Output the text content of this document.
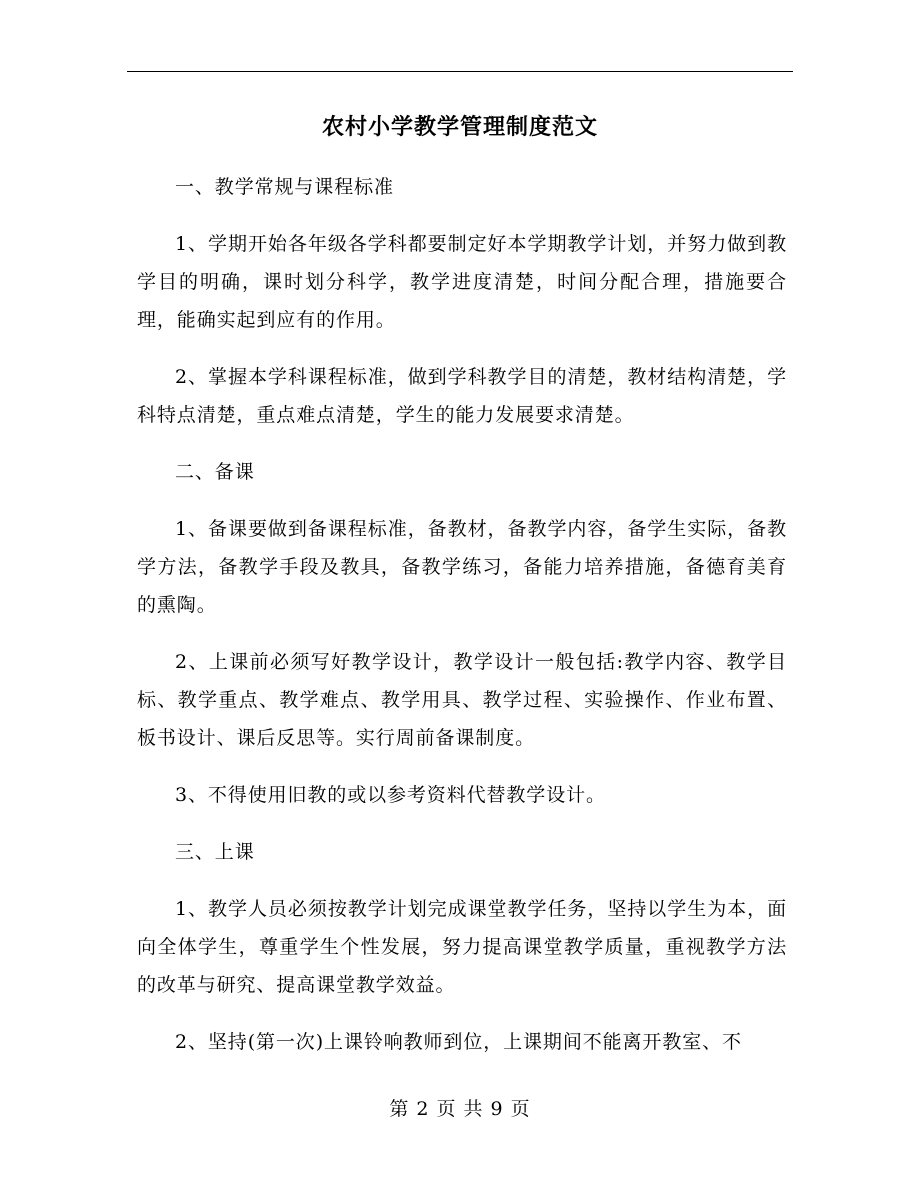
农村小学教学管理制度范文

一、教学常规与课程标准

1、学期开始各年级各学科都要制定好本学期教学计划，并努力做到教学目的明确，课时划分科学，教学进度清楚，时间分配合理，措施要合理，能确实起到应有的作用。

2、掌握本学科课程标准，做到学科教学目的清楚，教材结构清楚，学科特点清楚，重点难点清楚，学生的能力发展要求清楚。

二、备课

1、备课要做到备课程标准，备教材，备教学内容，备学生实际，备教学方法，备教学手段及教具，备教学练习，备能力培养措施，备德育美育的熏陶。

2、上课前必须写好教学设计，教学设计一般包括:教学内容、教学目标、教学重点、教学难点、教学用具、教学过程、实验操作、作业布置、板书设计、课后反思等。实行周前备课制度。

3、不得使用旧教的或以参考资料代替教学设计。

三、上课

1、教学人员必须按教学计划完成课堂教学任务，坚持以学生为本，面向全体学生，尊重学生个性发展，努力提高课堂教学质量，重视教学方法的改革与研究、提高课堂教学效益。

2、坚持(第一次)上课铃响教师到位，上课期间不能离开教室、不

第 2 页 共 9 页
